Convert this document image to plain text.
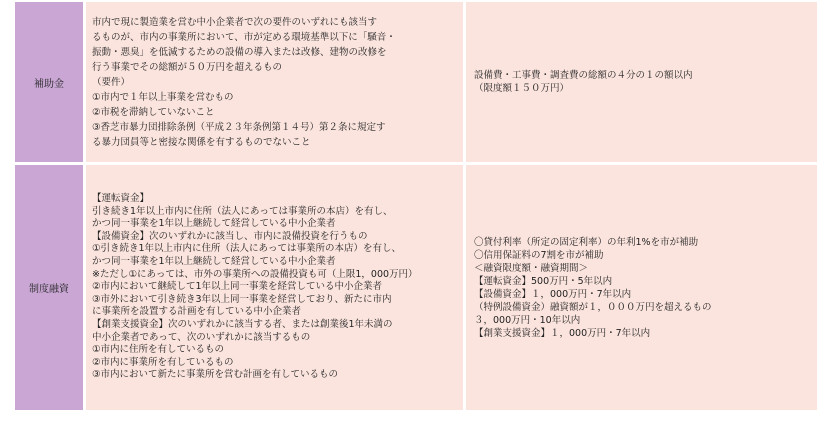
補助金
市内で現に製造業を営む中小企業者で次の要件のいずれにも該当す
るものが、市内の事業所において、市が定める環境基準以下に「騒音・
振動・悪臭」を低減するための設備の導入または改修、建物の改修を
行う事業でその総額が５０万円を超えるもの
（要件）
①市内で１年以上事業を営むもの
②市税を滞納していないこと
③香芝市暴力団排除条例（平成２３年条例第１４号）第２条に規定す
る暴力団員等と密接な関係を有するものでないこと
設備費・工事費・調査費の総額の４分の１の額以内
（限度額１５０万円）
制度融資
【運転資金】
引き続き1年以上市内に住所（法人にあっては事業所の本店）を有し、
かつ同一事業を1年以上継続して経営している中小企業者
【設備資金】次のいずれかに該当し、市内に設備投資を行うもの
①引き続き1年以上市内に住所（法人にあっては事業所の本店）を有し、
かつ同一事業を1年以上継続して経営している中小企業者
※ただし①にあっては、市外の事業所への設備投資も可（上限1，000万円）
②市内において継続して1年以上同一事業を経営している中小企業者
③市外において引き続き3年以上同一事業を経営しており、新たに市内
に事業所を設置する計画を有している中小企業者
【創業支援資金】次のいずれかに該当する者、または創業後1年未満の
中小企業者であって、次のいずれかに該当するもの
①市内に住所を有しているもの
②市内に事業所を有しているもの
③市内において新たに事業所を営む計画を有しているもの
〇貸付利率（所定の固定利率）の年利1%を市が補助
〇信用保証料の7割を市が補助
＜融資限度額・融資期間＞
【運転資金】500万円・5年以内
【設備資金】１，000万円・7年以内
（特例設備資金）融資額が１，０００万円を超えるもの
３，000万円・10年以内
【創業支援資金】１，000万円・7年以内
